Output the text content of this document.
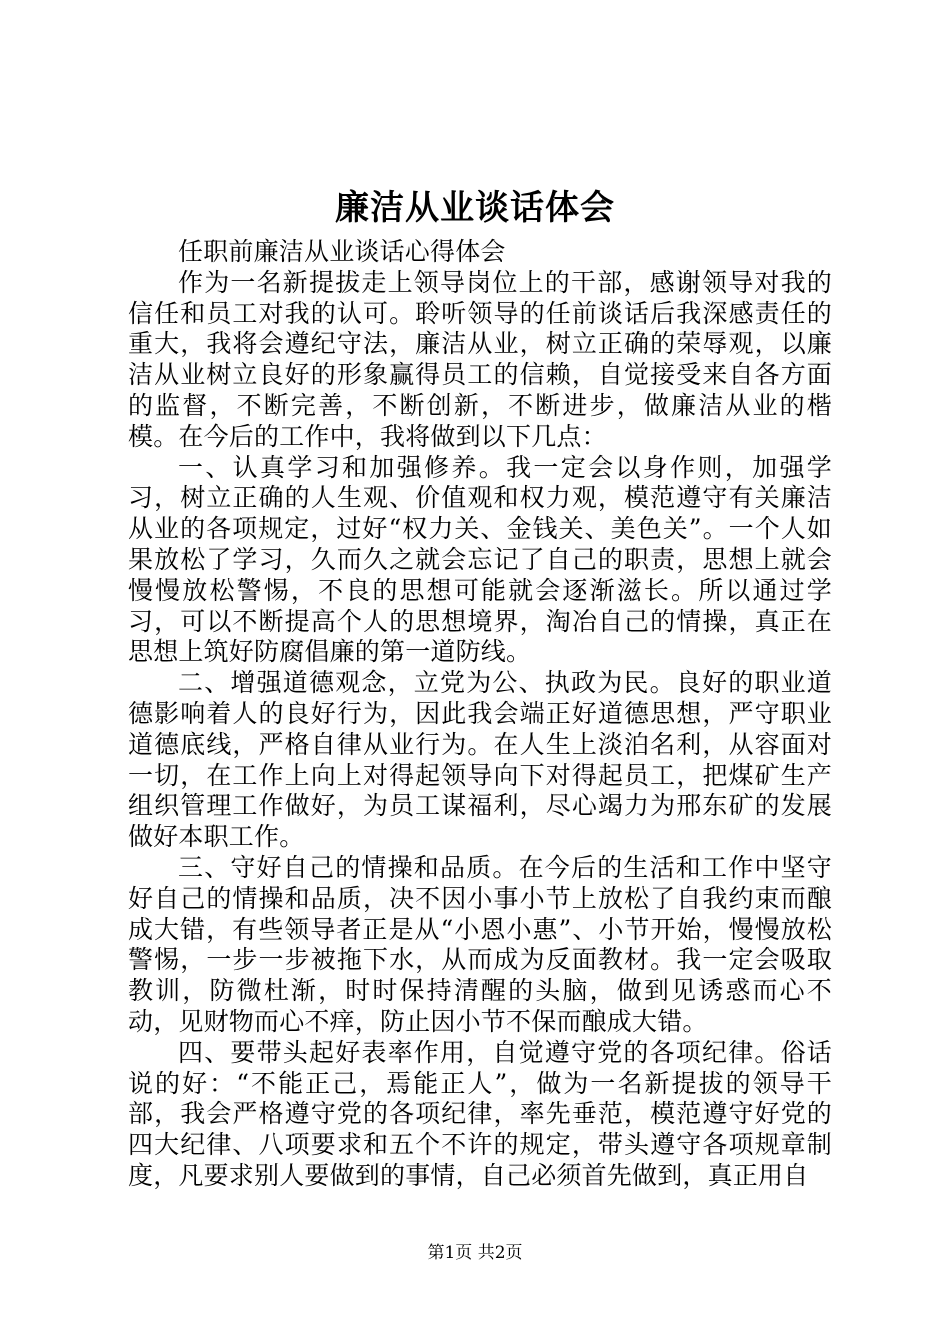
廉洁从业谈话体会

任职前廉洁从业谈话心得体会

作为一名新提拔走上领导岗位上的干部，感谢领导对我的信任和员工对我的认可。聆听领导的任前谈话后我深感责任的重大，我将会遵纪守法，廉洁从业，树立正确的荣辱观，以廉洁从业树立良好的形象赢得员工的信赖，自觉接受来自各方面的监督，不断完善，不断创新，不断进步，做廉洁从业的楷模。在今后的工作中，我将做到以下几点：

一、认真学习和加强修养。我一定会以身作则，加强学习，树立正确的人生观、价值观和权力观，模范遵守有关廉洁从业的各项规定，过好“权力关、金钱关、美色关”。一个人如果放松了学习，久而久之就会忘记了自己的职责，思想上就会慢慢放松警惕，不良的思想可能就会逐渐滋长。所以通过学习，可以不断提高个人的思想境界，淘冶自己的情操，真正在思想上筑好防腐倡廉的第一道防线。

二、增强道德观念，立党为公、执政为民。良好的职业道德影响着人的良好行为，因此我会端正好道德思想，严守职业道德底线，严格自律从业行为。在人生上淡泊名利，从容面对一切，在工作上向上对得起领导向下对得起员工，把煤矿生产组织管理工作做好，为员工谋福利，尽心竭力为邢东矿的发展做好本职工作。

三、守好自己的情操和品质。在今后的生活和工作中坚守好自己的情操和品质，决不因小事小节上放松了自我约束而酿成大错，有些领导者正是从“小恩小惠”、小节开始，慢慢放松警惕，一步一步被拖下水，从而成为反面教材。我一定会吸取教训，防微杜渐，时时保持清醒的头脑，做到见诱惑而心不动，见财物而心不痒，防止因小节不保而酿成大错。

四、要带头起好表率作用，自觉遵守党的各项纪律。俗话说的好：“不能正己，焉能正人”，做为一名新提拔的领导干部，我会严格遵守党的各项纪律，率先垂范，模范遵守好党的四大纪律、八项要求和五个不许的规定，带头遵守各项规章制度，凡要求别人要做到的事情，自己必须首先做到，真正用自

第1页 共2页
